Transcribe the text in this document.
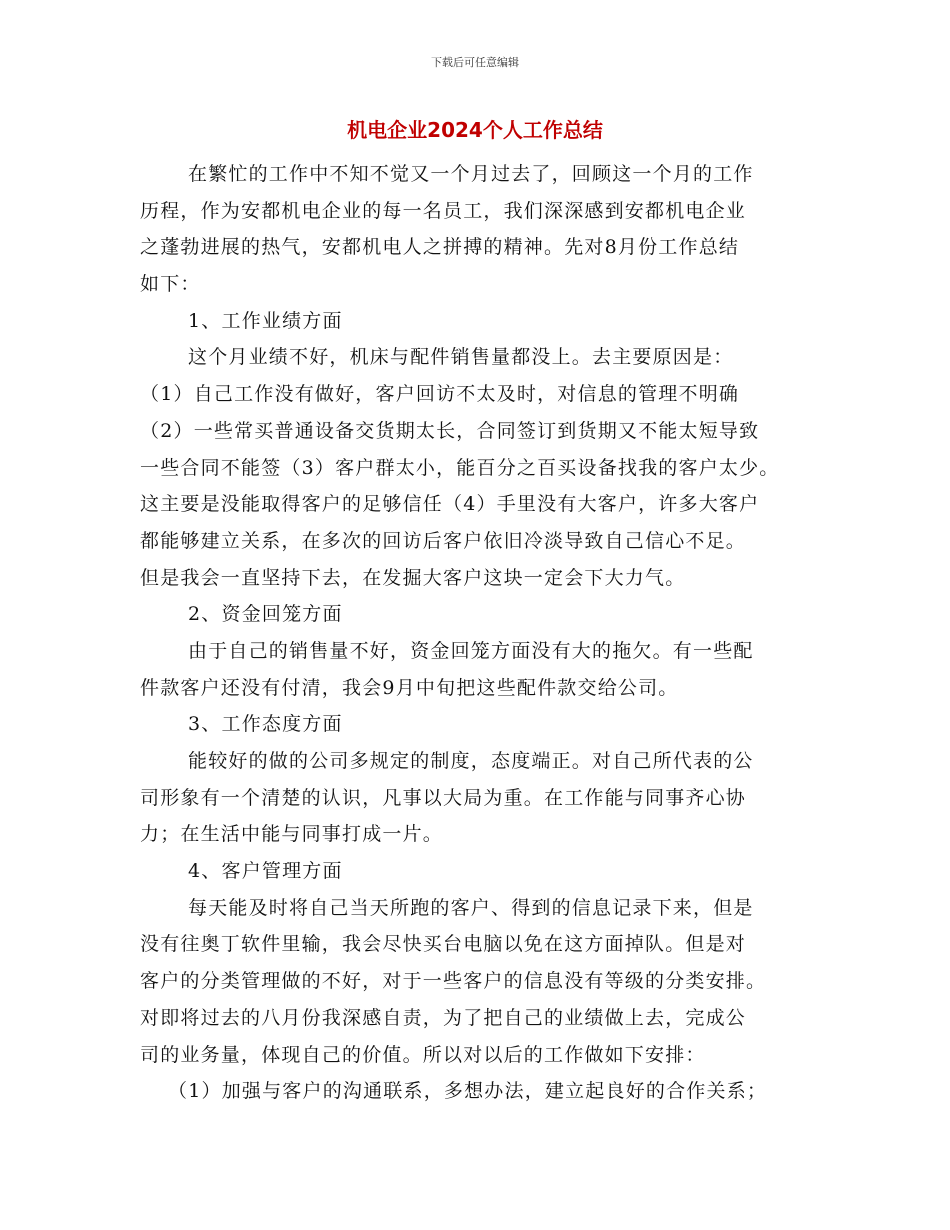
下载后可任意编辑
机电企业2024个人工作总结
在繁忙的工作中不知不觉又一个月过去了，回顾这一个月的工作
历程，作为安都机电企业的每一名员工，我们深深感到安都机电企业
之蓬勃进展的热气，安都机电人之拼搏的精神。先对8月份工作总结
如下：
1、工作业绩方面
这个月业绩不好，机床与配件销售量都没上。去主要原因是：
（1）自己工作没有做好，客户回访不太及时，对信息的管理不明确
（2）一些常买普通设备交货期太长，合同签订到货期又不能太短导致
一些合同不能签（3）客户群太小，能百分之百买设备找我的客户太少。
这主要是没能取得客户的足够信任（4）手里没有大客户，许多大客户
都能够建立关系，在多次的回访后客户依旧冷淡导致自己信心不足。
但是我会一直坚持下去，在发掘大客户这块一定会下大力气。
2、资金回笼方面
由于自己的销售量不好，资金回笼方面没有大的拖欠。有一些配
件款客户还没有付清，我会9月中旬把这些配件款交给公司。
3、工作态度方面
能较好的做的公司多规定的制度，态度端正。对自己所代表的公
司形象有一个清楚的认识，凡事以大局为重。在工作能与同事齐心协
力；在生活中能与同事打成一片。
4、客户管理方面
每天能及时将自己当天所跑的客户、得到的信息记录下来，但是
没有往奥丁软件里输，我会尽快买台电脑以免在这方面掉队。但是对
客户的分类管理做的不好，对于一些客户的信息没有等级的分类安排。
对即将过去的八月份我深感自责，为了把自己的业绩做上去，完成公
司的业务量，体现自己的价值。所以对以后的工作做如下安排：
（1）加强与客户的沟通联系，多想办法，建立起良好的合作关系；
